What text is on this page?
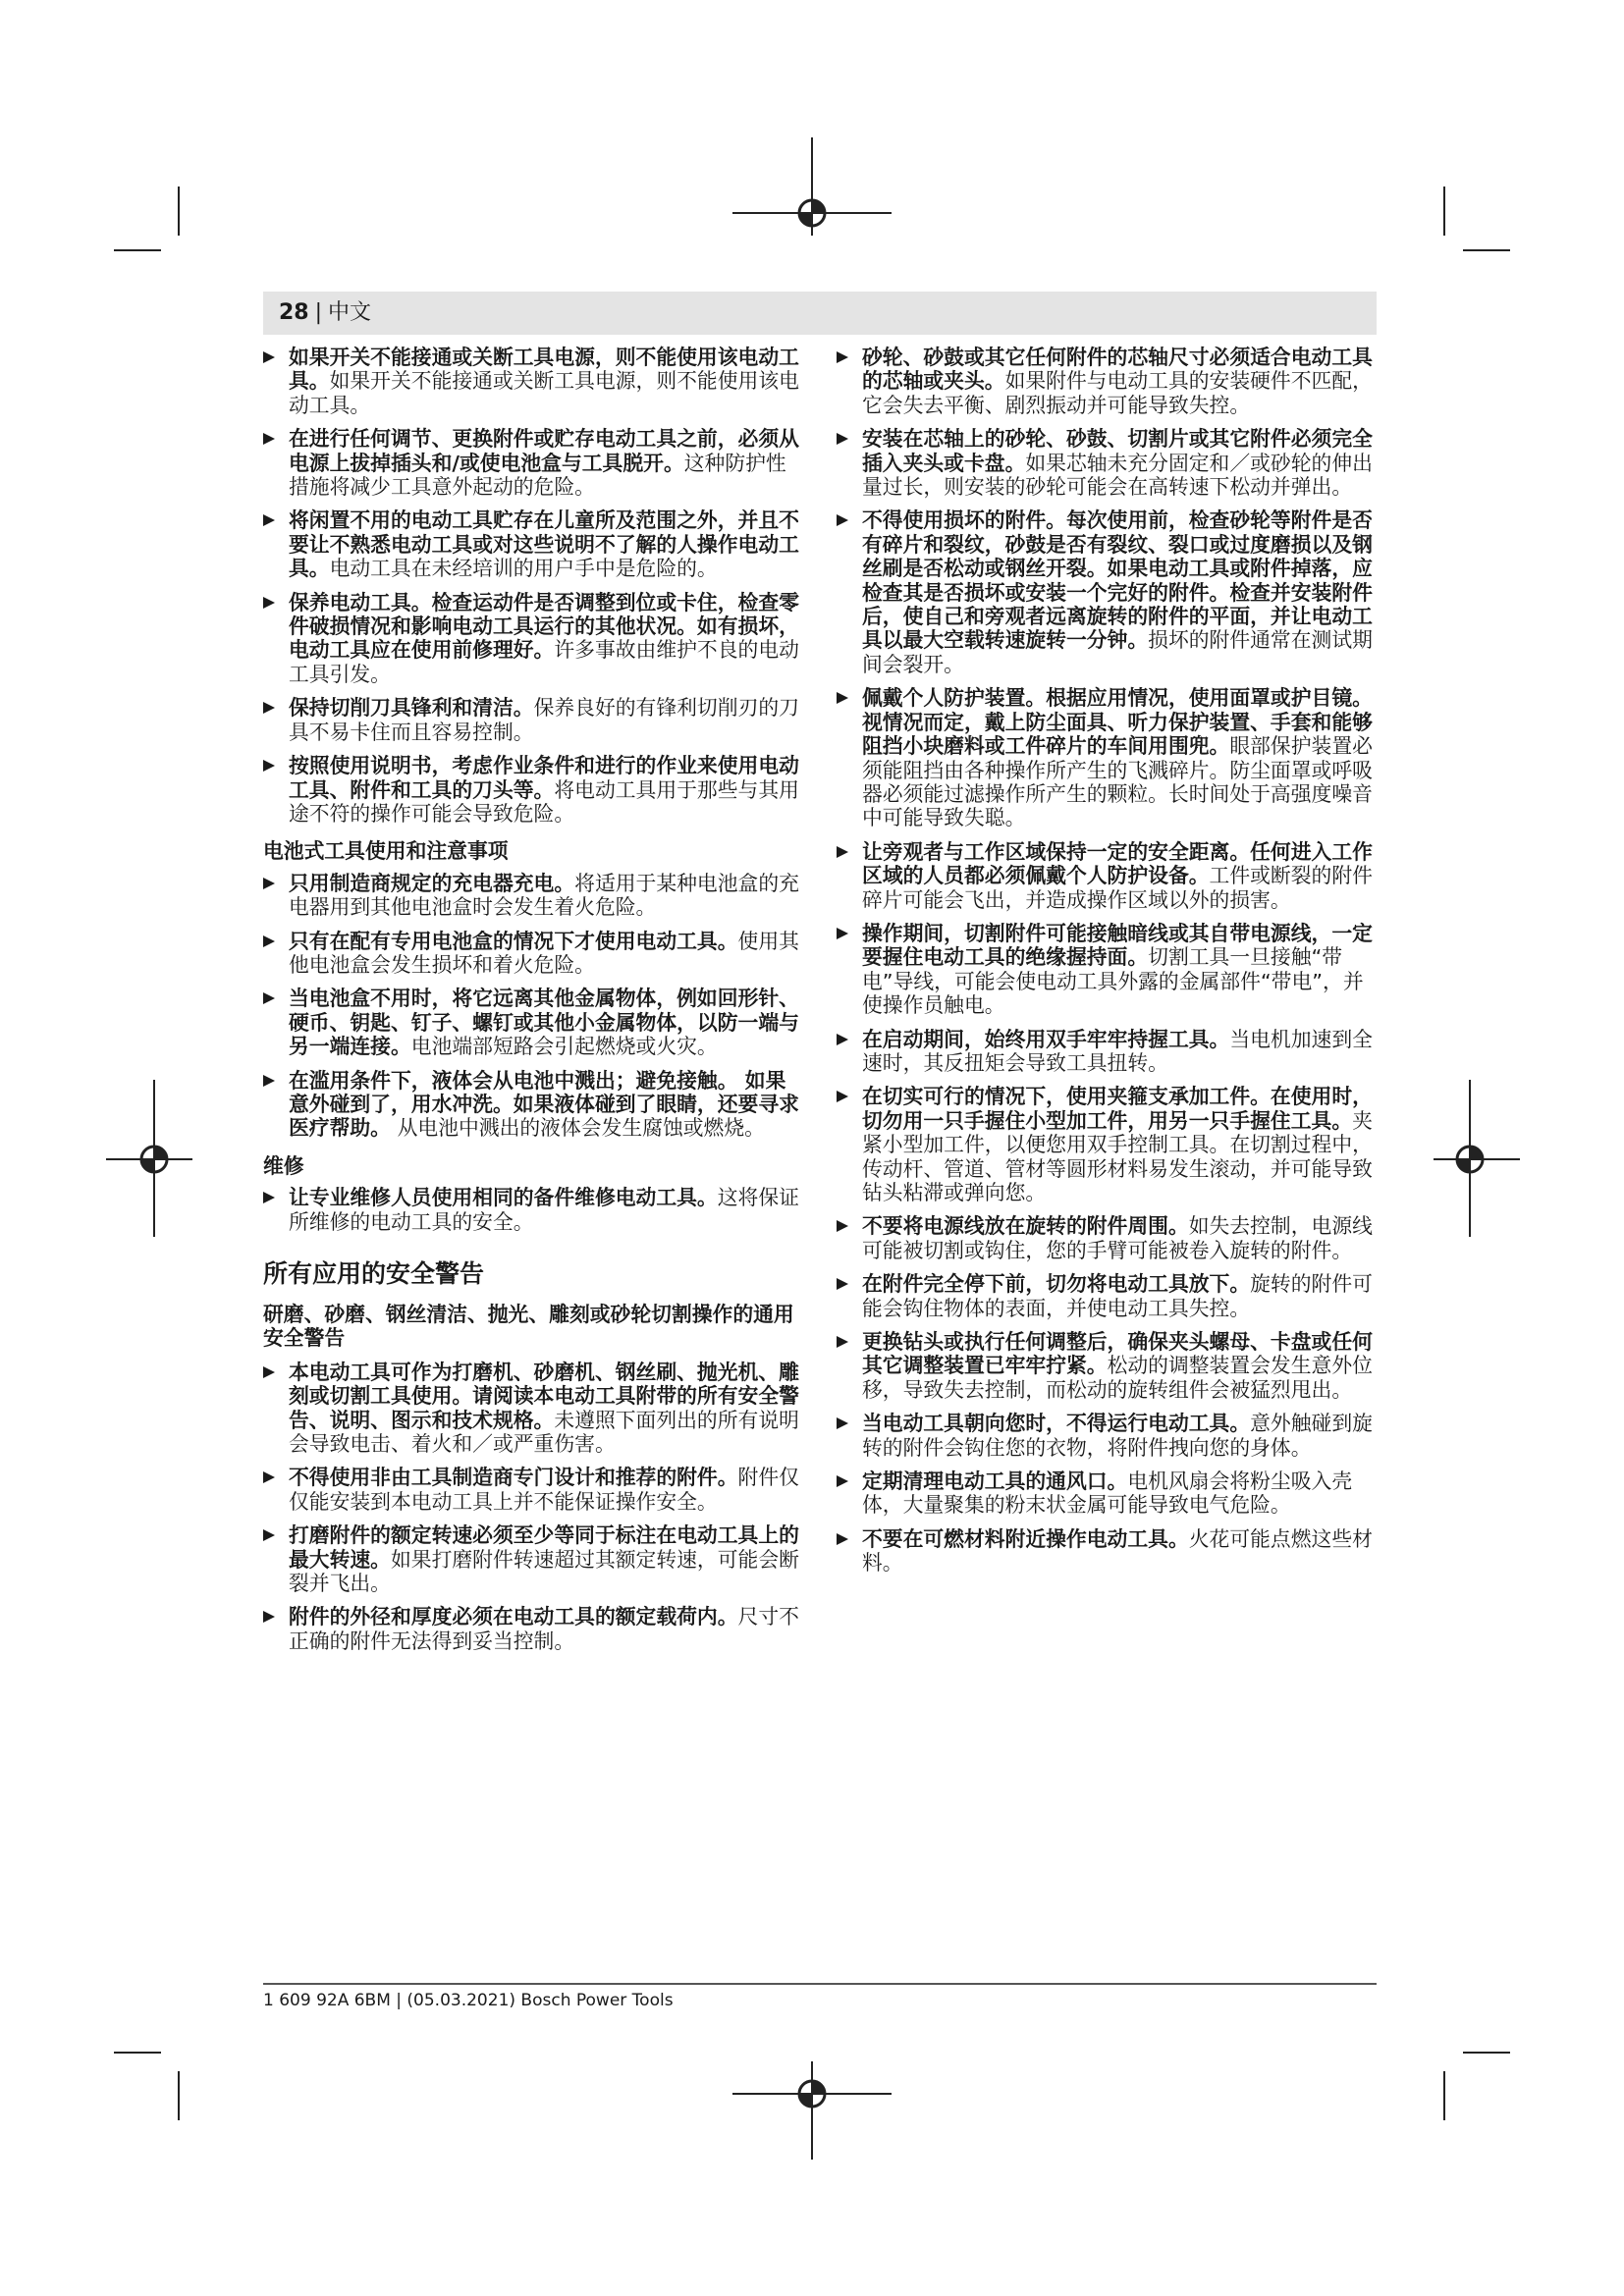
28 | 中文
如果开关不能接通或关断工具电源，则不能使用该电动工具。如果开关不能接通或关断工具电源，则不能使用该电动工具。
在进行任何调节、更换附件或贮存电动工具之前，必须从电源上拔掉插头和/或使电池盒与工具脱开。这种防护性措施将减少工具意外起动的危险。
将闲置不用的电动工具贮存在儿童所及范围之外，并且不要让不熟悉电动工具或对这些说明不了解的人操作电动工具。电动工具在未经培训的用户手中是危险的。
保养电动工具。检查运动件是否调整到位或卡住，检查零件破损情况和影响电动工具运行的其他状况。如有损坏，电动工具应在使用前修理好。许多事故由维护不良的电动工具引发。
保持切削刀具锋利和清洁。保养良好的有锋利切削刃的刀具不易卡住而且容易控制。
按照使用说明书，考虑作业条件和进行的作业来使用电动工具、附件和工具的刀头等。将电动工具用于那些与其用途不符的操作可能会导致危险。
电池式工具使用和注意事项
只用制造商规定的充电器充电。将适用于某种电池盒的充电器用到其他电池盒时会发生着火危险。
只有在配有专用电池盒的情况下才使用电动工具。使用其他电池盒会发生损坏和着火危险。
当电池盒不用时，将它远离其他金属物体，例如回形针、硬币、钥匙、钉子、螺钉或其他小金属物体，以防一端与另一端连接。电池端部短路会引起燃烧或火灾。
在滥用条件下，液体会从电池中溅出；避免接触。 如果意外碰到了，用水冲洗。如果液体碰到了眼睛，还要寻求医疗帮助。 从电池中溅出的液体会发生腐蚀或燃烧。
维修
让专业维修人员使用相同的备件维修电动工具。这将保证所维修的电动工具的安全。
所有应用的安全警告
研磨、砂磨、钢丝清洁、抛光、雕刻或砂轮切割操作的通用安全警告
本电动工具可作为打磨机、砂磨机、钢丝刷、抛光机、雕刻或切割工具使用。请阅读本电动工具附带的所有安全警告、说明、图示和技术规格。未遵照下面列出的所有说明会导致电击、着火和／或严重伤害。
不得使用非由工具制造商专门设计和推荐的附件。附件仅仅能安装到本电动工具上并不能保证操作安全。
打磨附件的额定转速必须至少等同于标注在电动工具上的最大转速。如果打磨附件转速超过其额定转速，可能会断裂并飞出。
附件的外径和厚度必须在电动工具的额定载荷内。尺寸不正确的附件无法得到妥当控制。
砂轮、砂鼓或其它任何附件的芯轴尺寸必须适合电动工具的芯轴或夹头。如果附件与电动工具的安装硬件不匹配，它会失去平衡、剧烈振动并可能导致失控。
安装在芯轴上的砂轮、砂鼓、切割片或其它附件必须完全插入夹头或卡盘。如果芯轴未充分固定和／或砂轮的伸出量过长，则安装的砂轮可能会在高转速下松动并弹出。
不得使用损坏的附件。每次使用前，检查砂轮等附件是否有碎片和裂纹，砂鼓是否有裂纹、裂口或过度磨损以及钢丝刷是否松动或钢丝开裂。如果电动工具或附件掉落，应检查其是否损坏或安装一个完好的附件。检查并安装附件后，使自己和旁观者远离旋转的附件的平面，并让电动工具以最大空载转速旋转一分钟。损坏的附件通常在测试期间会裂开。
佩戴个人防护装置。根据应用情况，使用面罩或护目镜。视情况而定，戴上防尘面具、听力保护装置、手套和能够阻挡小块磨料或工件碎片的车间用围兜。眼部保护装置必须能阻挡由各种操作所产生的飞溅碎片。防尘面罩或呼吸器必须能过滤操作所产生的颗粒。长时间处于高强度噪音中可能导致失聪。
让旁观者与工作区域保持一定的安全距离。任何进入工作区域的人员都必须佩戴个人防护设备。工件或断裂的附件碎片可能会飞出，并造成操作区域以外的损害。
操作期间，切割附件可能接触暗线或其自带电源线，一定要握住电动工具的绝缘握持面。切割工具一旦接触“带电”导线，可能会使电动工具外露的金属部件“带电”，并使操作员触电。
在启动期间，始终用双手牢牢持握工具。当电机加速到全速时，其反扭矩会导致工具扭转。
在切实可行的情况下，使用夹箍支承加工件。在使用时，切勿用一只手握住小型加工件，用另一只手握住工具。夹紧小型加工件，以便您用双手控制工具。在切割过程中，传动杆、管道、管材等圆形材料易发生滚动，并可能导致钻头粘滞或弹向您。
不要将电源线放在旋转的附件周围。如失去控制，电源线可能被切割或钩住，您的手臂可能被卷入旋转的附件。
在附件完全停下前，切勿将电动工具放下。旋转的附件可能会钩住物体的表面，并使电动工具失控。
更换钻头或执行任何调整后，确保夹头螺母、卡盘或任何其它调整装置已牢牢拧紧。松动的调整装置会发生意外位移，导致失去控制，而松动的旋转组件会被猛烈甩出。
当电动工具朝向您时，不得运行电动工具。意外触碰到旋转的附件会钩住您的衣物，将附件拽向您的身体。
定期清理电动工具的通风口。电机风扇会将粉尘吸入壳体，大量聚集的粉末状金属可能导致电气危险。
不要在可燃材料附近操作电动工具。火花可能点燃这些材料。
1 609 92A 6BM | (05.03.2021) Bosch Power Tools
